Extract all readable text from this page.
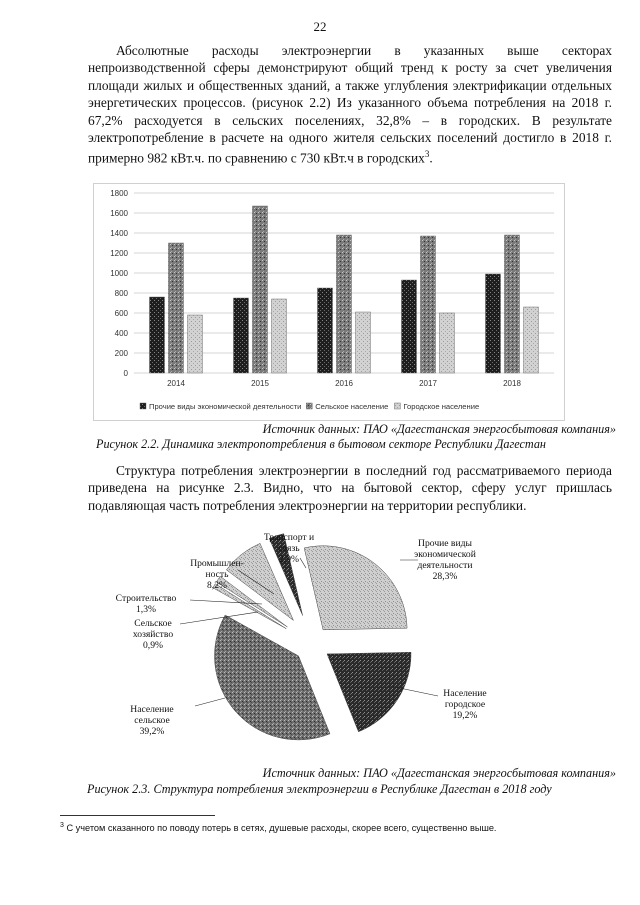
22

Абсолютные расходы электроэнергии в указанных выше секторах непроизводственной сферы демонстрируют общий тренд к росту за счет увеличения площади жилых и общественных зданий, а также углубления электрификации отдельных энергетических процессов. (рисунок 2.2) Из указанного объема потребления на 2018 г. 67,2% расходуется в сельских поселениях, 32,8% – в городских. В результате электропотребление в расчете на одного жителя сельских поселений достигло в 2018 г. примерно 982 кВт.ч. по сравнению с 730 кВт.ч в городских$^3$.

0
200
400
600
800
1000
1200
1400
1600
1800
2014	2015	2016	2017	2018
Прочие виды экономической деятельности Сельское население Городское население
Источник данных: ПАО «Дагестанская энергосбытовая компания»
Рисунок 2.2. Динамика электропотребления в бытовом секторе Республики Дагестан

Структура потребления электроэнергии в последний год рассматриваемого периода приведена на рисунке 2.3. Видно, что на бытовой сектор, сферу услуг пришлась подавляющая часть потребления электроэнергии на территории республики.

Прочие виды
экономической
деятельности
28,3%
Население
городское
19,2%
Население
сельское
39,2%
Сельское
хозяйство
0,9%
Строительство
1,3%
Промышлен-
ность
8,2%
Транспорт и
связь
2,9%
Источник данных: ПАО «Дагестанская энергосбытовая компания»
Рисунок 2.3. Структура потребления электроэнергии в Республике Дагестан в 2018 году
$^3$ С учетом сказанного по поводу потерь в сетях, душевые расходы, скорее всего, существенно выше.
